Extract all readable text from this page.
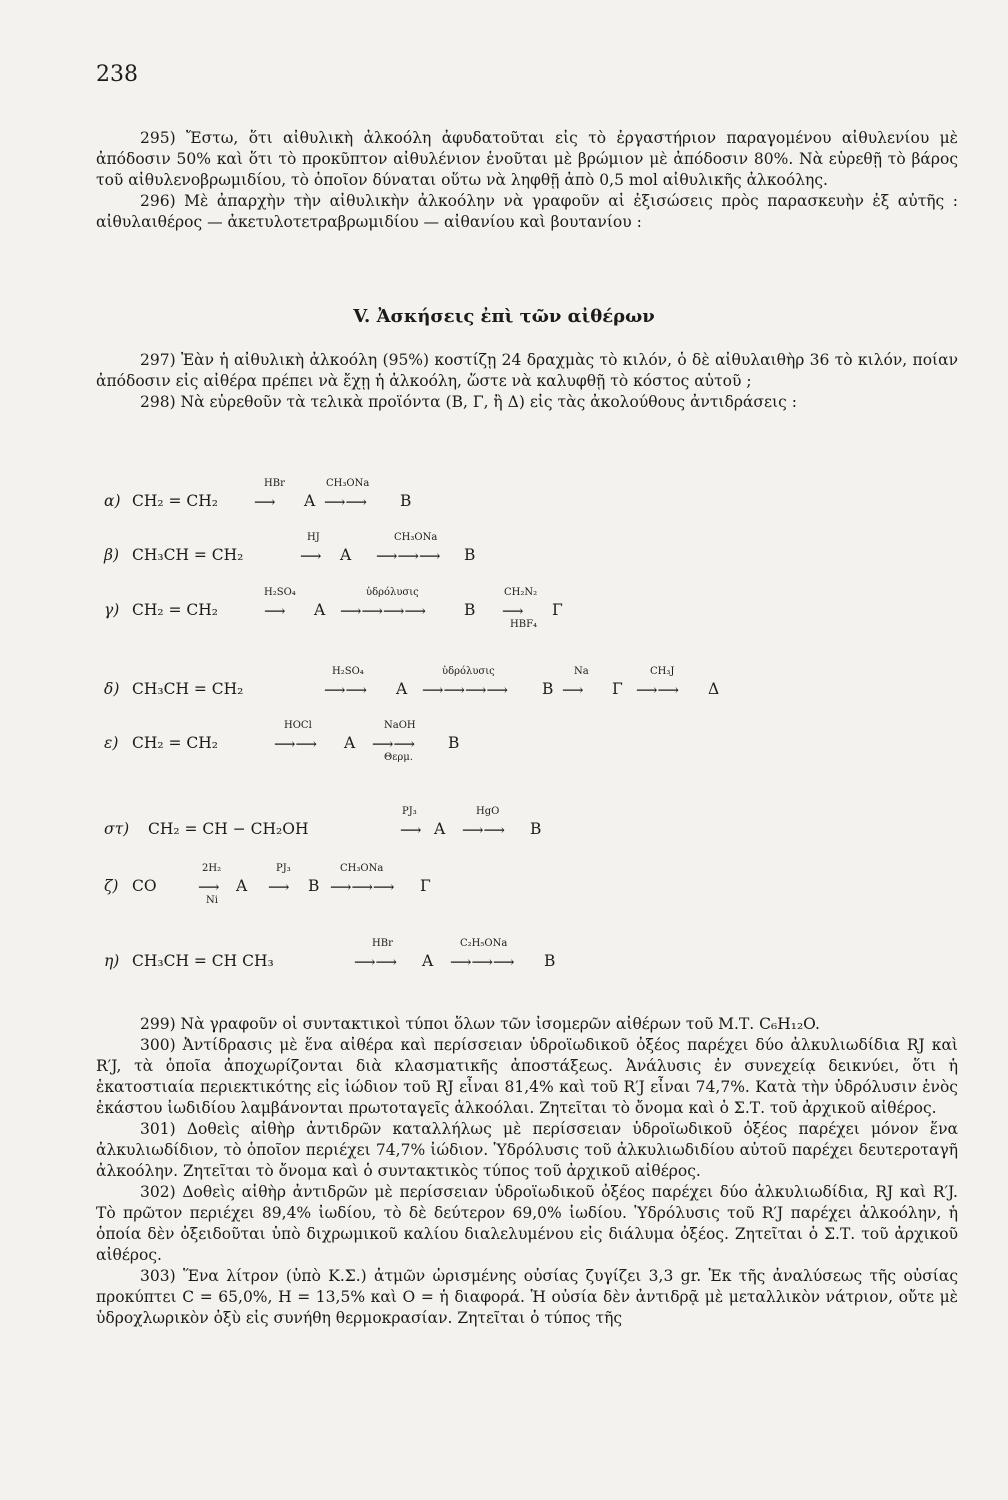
238

295) Ἔστω, ὅτι αἰθυλικὴ ἀλκοόλη ἀφυδατοῦται εἰς τὸ ἐργαστήριον παραγομένου αἰθυλενίου μὲ ἀπόδοσιν 50% καὶ ὅτι τὸ προκῦπτον αἰθυλένιον ἑνοῦται μὲ βρώμιον μὲ ἀπόδοσιν 80%. Νὰ εὑρεθῇ τὸ βάρος τοῦ αἰθυλενοβρωμιδίου, τὸ ὁποῖον δύναται οὕτω νὰ ληφθῇ ἀπὸ 0,5 mol αἰθυλικῆς ἀλκοόλης.

296) Μὲ ἀπαρχὴν τὴν αἰθυλικὴν ἀλκοόλην νὰ γραφοῦν αἱ ἐξισώσεις πρὸς παρασκευὴν ἐξ αὐτῆς : αἰθυλαιθέρος — ἀκετυλοτετραβρωμιδίου — αἰθανίου καὶ βουτανίου :

V. Ἀσκήσεις ἐπὶ τῶν αἰθέρων

297) Ἐὰν ἡ αἰθυλικὴ ἀλκοόλη (95%) κοστίζῃ 24 δραχμὰς τὸ κιλόν, ὁ δὲ αἰθυλαιθὴρ 36 τὸ κιλόν, ποίαν ἀπόδοσιν εἰς αἰθέρα πρέπει νὰ ἔχῃ ἡ ἀλκοόλη, ὥστε νὰ καλυφθῇ τὸ κόστος αὐτοῦ ;

298) Νὰ εὑρεθοῦν τὰ τελικὰ προϊόντα (Β, Γ, ἢ Δ) εἰς τὰς ἀκολούθους ἀντιδράσεις :

α) CH₂ = CH₂
HBr
⟶ A
CH₃ONa
⟶⟶ B
β) CH₃CH = CH₂
HJ
⟶ A
CH₃ONa
⟶⟶⟶ B
γ) CH₂ = CH₂
H₂SO₄
⟶ A
ὑδρόλυσις
⟶⟶⟶⟶ B
CH₂N₂
⟶
HBF₄
Γ
δ) CH₃CH = CH₂
H₂SO₄
⟶⟶ A
ὑδρόλυσις
⟶⟶⟶⟶ B
Na
⟶ Γ
CH₃J
⟶⟶ Δ
ε) CH₂ = CH₂
HOCl
⟶⟶ A
NaOH
⟶⟶
Θερμ.
B
στ) CH₂ = CH − CH₂OH
PJ₃
⟶ A
HgO
⟶⟶ B
ζ) CO
2H₂
⟶
Ni
A
PJ₃
⟶ B
CH₃ONa
⟶⟶⟶ Γ
η) CH₃CH = CH CH₃
HBr
⟶⟶ A
C₂H₅ONa
⟶⟶⟶ B

299) Νὰ γραφοῦν οἱ συντακτικοὶ τύποι ὅλων τῶν ἰσομερῶν αἰθέρων τοῦ Μ.Τ. C₆H₁₂O.

300) Ἀντίδρασις μὲ ἕνα αἰθέρα καὶ περίσσειαν ὑδροϊωδικοῦ ὀξέος παρέχει δύο ἀλκυλιωδίδια RJ καὶ R′J, τὰ ὁποῖα ἀποχωρίζονται διὰ κλασματικῆς ἀποστάξεως. Ἀνάλυσις ἐν συνεχείᾳ δεικνύει, ὅτι ἡ ἑκατοστιαία περιεκτικότης εἰς ἰώδιον τοῦ RJ εἶναι 81,4% καὶ τοῦ R′J εἶναι 74,7%. Κατὰ τὴν ὑδρόλυσιν ἑνὸς ἑκάστου ἰωδιδίου λαμβάνονται πρωτοταγεῖς ἀλκοόλαι. Ζητεῖται τὸ ὄνομα καὶ ὁ Σ.Τ. τοῦ ἀρχικοῦ αἰθέρος.

301) Δοθεὶς αἰθὴρ ἀντιδρῶν καταλλήλως μὲ περίσσειαν ὑδροϊωδικοῦ ὀξέος παρέχει μόνον ἕνα ἀλκυλιωδίδιον, τὸ ὁποῖον περιέχει 74,7% ἰώδιον. Ὑδρόλυσις τοῦ ἀλκυλιωδιδίου αὐτοῦ παρέχει δευτεροταγῆ ἀλκοόλην. Ζητεῖται τὸ ὄνομα καὶ ὁ συντακτικὸς τύπος τοῦ ἀρχικοῦ αἰθέρος.

302) Δοθεὶς αἰθὴρ ἀντιδρῶν μὲ περίσσειαν ὑδροϊωδικοῦ ὀξέος παρέχει δύο ἀλκυλιωδίδια, RJ καὶ R′J. Τὸ πρῶτον περιέχει 89,4% ἰωδίου, τὸ δὲ δεύτερον 69,0% ἰωδίου. Ὑδρόλυσις τοῦ R′J παρέχει ἀλκοόλην, ἡ ὁποία δὲν ὀξειδοῦται ὑπὸ διχρωμικοῦ καλίου διαλελυμένου εἰς διάλυμα ὀξέος. Ζητεῖται ὁ Σ.Τ. τοῦ ἀρχικοῦ αἰθέρος.

303) Ἕνα λίτρον (ὑπὸ Κ.Σ.) ἀτμῶν ὡρισμένης οὐσίας ζυγίζει 3,3 gr. Ἐκ τῆς ἀναλύσεως τῆς οὐσίας προκύπτει C = 65,0%, H = 13,5% καὶ O = ἡ διαφορά. Ἡ οὐσία δὲν ἀντιδρᾷ μὲ μεταλλικὸν νάτριον, οὔτε μὲ ὑδροχλωρικὸν ὀξὺ εἰς συνήθη θερμοκρασίαν. Ζητεῖται ὁ τύπος τῆς
